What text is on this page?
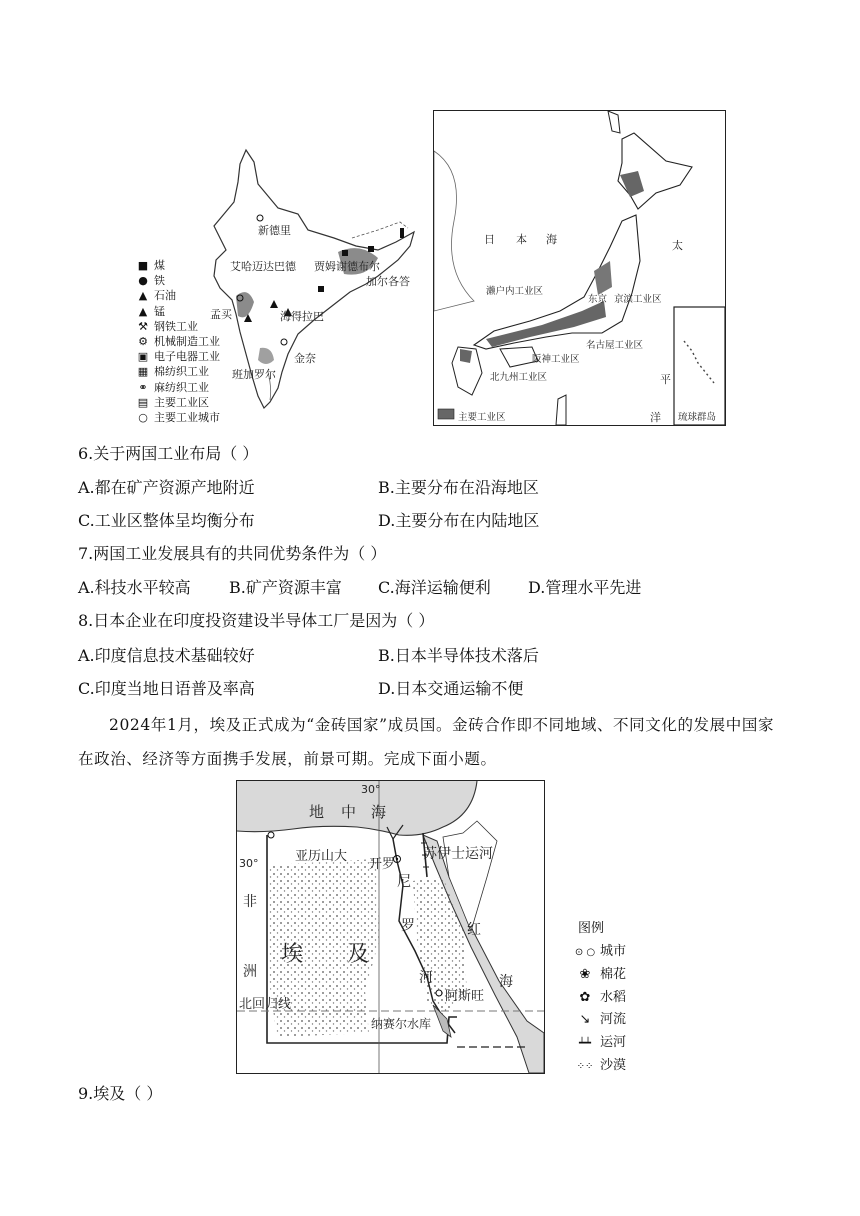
新德里
艾哈迈达巴德 贾姆谢德布尔
加尔各答
孟买	海得拉巴
金奈
班加罗尔
■ 煤
● 铁
▲ 石油
▲ 锰
⚒ 钢铁工业
⚙ 机械制造工业
▣ 电子电器工业
▦ 棉纺织工业
⚭ 麻纺织工业
▤ 主要工业区
○ 主要工业城市
日 本 海	太
平
洋
濑户内工业区
东京 京滨工业区
阪神工业区
名古屋工业区
北九州工业区
主要工业区	琉球群岛
6.关于两国工业布局（ ）
A.都在矿产资源产地附近	B.主要分布在沿海地区
C.工业区整体呈均衡分布	D.主要分布在内陆地区
7.两国工业发展具有的共同优势条件为（ ）
A.科技水平较高 B.矿产资源丰富 C.海洋运输便利 D.管理水平先进
8.日本企业在印度投资建设半导体工厂是因为（ ）
A.印度信息技术基础较好	B.日本半导体技术落后
C.印度当地日语普及率高	D.日本交通运输不便
2024年1月，埃及正式成为“金砖国家”成员国。金砖合作即不同地域、不同文化的发展中国家在政治、经济等方面携手发展，前景可期。完成下面小题。
30°
30°
地 中 海
亚历山大
开罗
苏伊士运河
尼
罗
河
埃 及
非
洲
红
海
阿斯旺
北回归线
纳赛尔水库
图例
⊙ ○ 城市
❀ 棉花
✿ 水稻
↘ 河流
┷┷ 运河
⁘⁘ 沙漠
9.埃及（ ）
